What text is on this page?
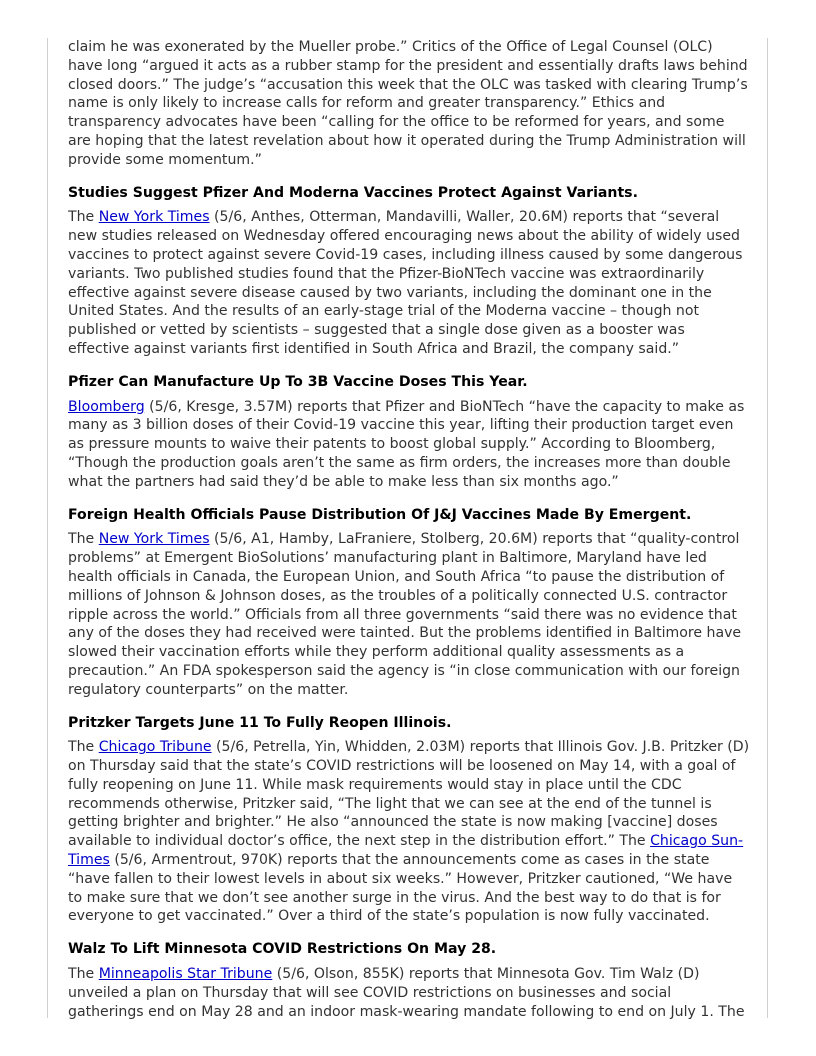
claim he was exonerated by the Mueller probe.” Critics of the Office of Legal Counsel (OLC) have long “argued it acts as a rubber stamp for the president and essentially drafts laws behind closed doors.” The judge’s “accusation this week that the OLC was tasked with clearing Trump’s name is only likely to increase calls for reform and greater transparency.” Ethics and transparency advocates have been “calling for the office to be reformed for years, and some are hoping that the latest revelation about how it operated during the Trump Administration will provide some momentum.”

Studies Suggest Pfizer And Moderna Vaccines Protect Against Variants.

The New York Times (5/6, Anthes, Otterman, Mandavilli, Waller, 20.6M) reports that “several new studies released on Wednesday offered encouraging news about the ability of widely used vaccines to protect against severe Covid-19 cases, including illness caused by some dangerous variants. Two published studies found that the Pfizer-BioNTech vaccine was extraordinarily effective against severe disease caused by two variants, including the dominant one in the United States. And the results of an early-stage trial of the Moderna vaccine – though not published or vetted by scientists – suggested that a single dose given as a booster was effective against variants first identified in South Africa and Brazil, the company said.”

Pfizer Can Manufacture Up To 3B Vaccine Doses This Year.

Bloomberg (5/6, Kresge, 3.57M) reports that Pfizer and BioNTech “have the capacity to make as many as 3 billion doses of their Covid-19 vaccine this year, lifting their production target even as pressure mounts to waive their patents to boost global supply.” According to Bloomberg, “Though the production goals aren’t the same as firm orders, the increases more than double what the partners had said they’d be able to make less than six months ago.”

Foreign Health Officials Pause Distribution Of J&J Vaccines Made By Emergent.

The New York Times (5/6, A1, Hamby, LaFraniere, Stolberg, 20.6M) reports that “quality-control problems” at Emergent BioSolutions’ manufacturing plant in Baltimore, Maryland have led health officials in Canada, the European Union, and South Africa “to pause the distribution of millions of Johnson & Johnson doses, as the troubles of a politically connected U.S. contractor ripple across the world.” Officials from all three governments “said there was no evidence that any of the doses they had received were tainted. But the problems identified in Baltimore have slowed their vaccination efforts while they perform additional quality assessments as a precaution.” An FDA spokesperson said the agency is “in close communication with our foreign regulatory counterparts” on the matter.

Pritzker Targets June 11 To Fully Reopen Illinois.

The Chicago Tribune (5/6, Petrella, Yin, Whidden, 2.03M) reports that Illinois Gov. J.B. Pritzker (D) on Thursday said that the state’s COVID restrictions will be loosened on May 14, with a goal of fully reopening on June 11. While mask requirements would stay in place until the CDC recommends otherwise, Pritzker said, “The light that we can see at the end of the tunnel is getting brighter and brighter.” He also “announced the state is now making [vaccine] doses available to individual doctor’s office, the next step in the distribution effort.” The Chicago Sun-Times (5/6, Armentrout, 970K) reports that the announcements come as cases in the state “have fallen to their lowest levels in about six weeks.” However, Pritzker cautioned, “We have to make sure that we don’t see another surge in the virus. And the best way to do that is for everyone to get vaccinated.” Over a third of the state’s population is now fully vaccinated.

Walz To Lift Minnesota COVID Restrictions On May 28.

The Minneapolis Star Tribune (5/6, Olson, 855K) reports that Minnesota Gov. Tim Walz (D) unveiled a plan on Thursday that will see COVID restrictions on businesses and social gatherings end on May 28 and an indoor mask-wearing mandate following to end on July 1. The
